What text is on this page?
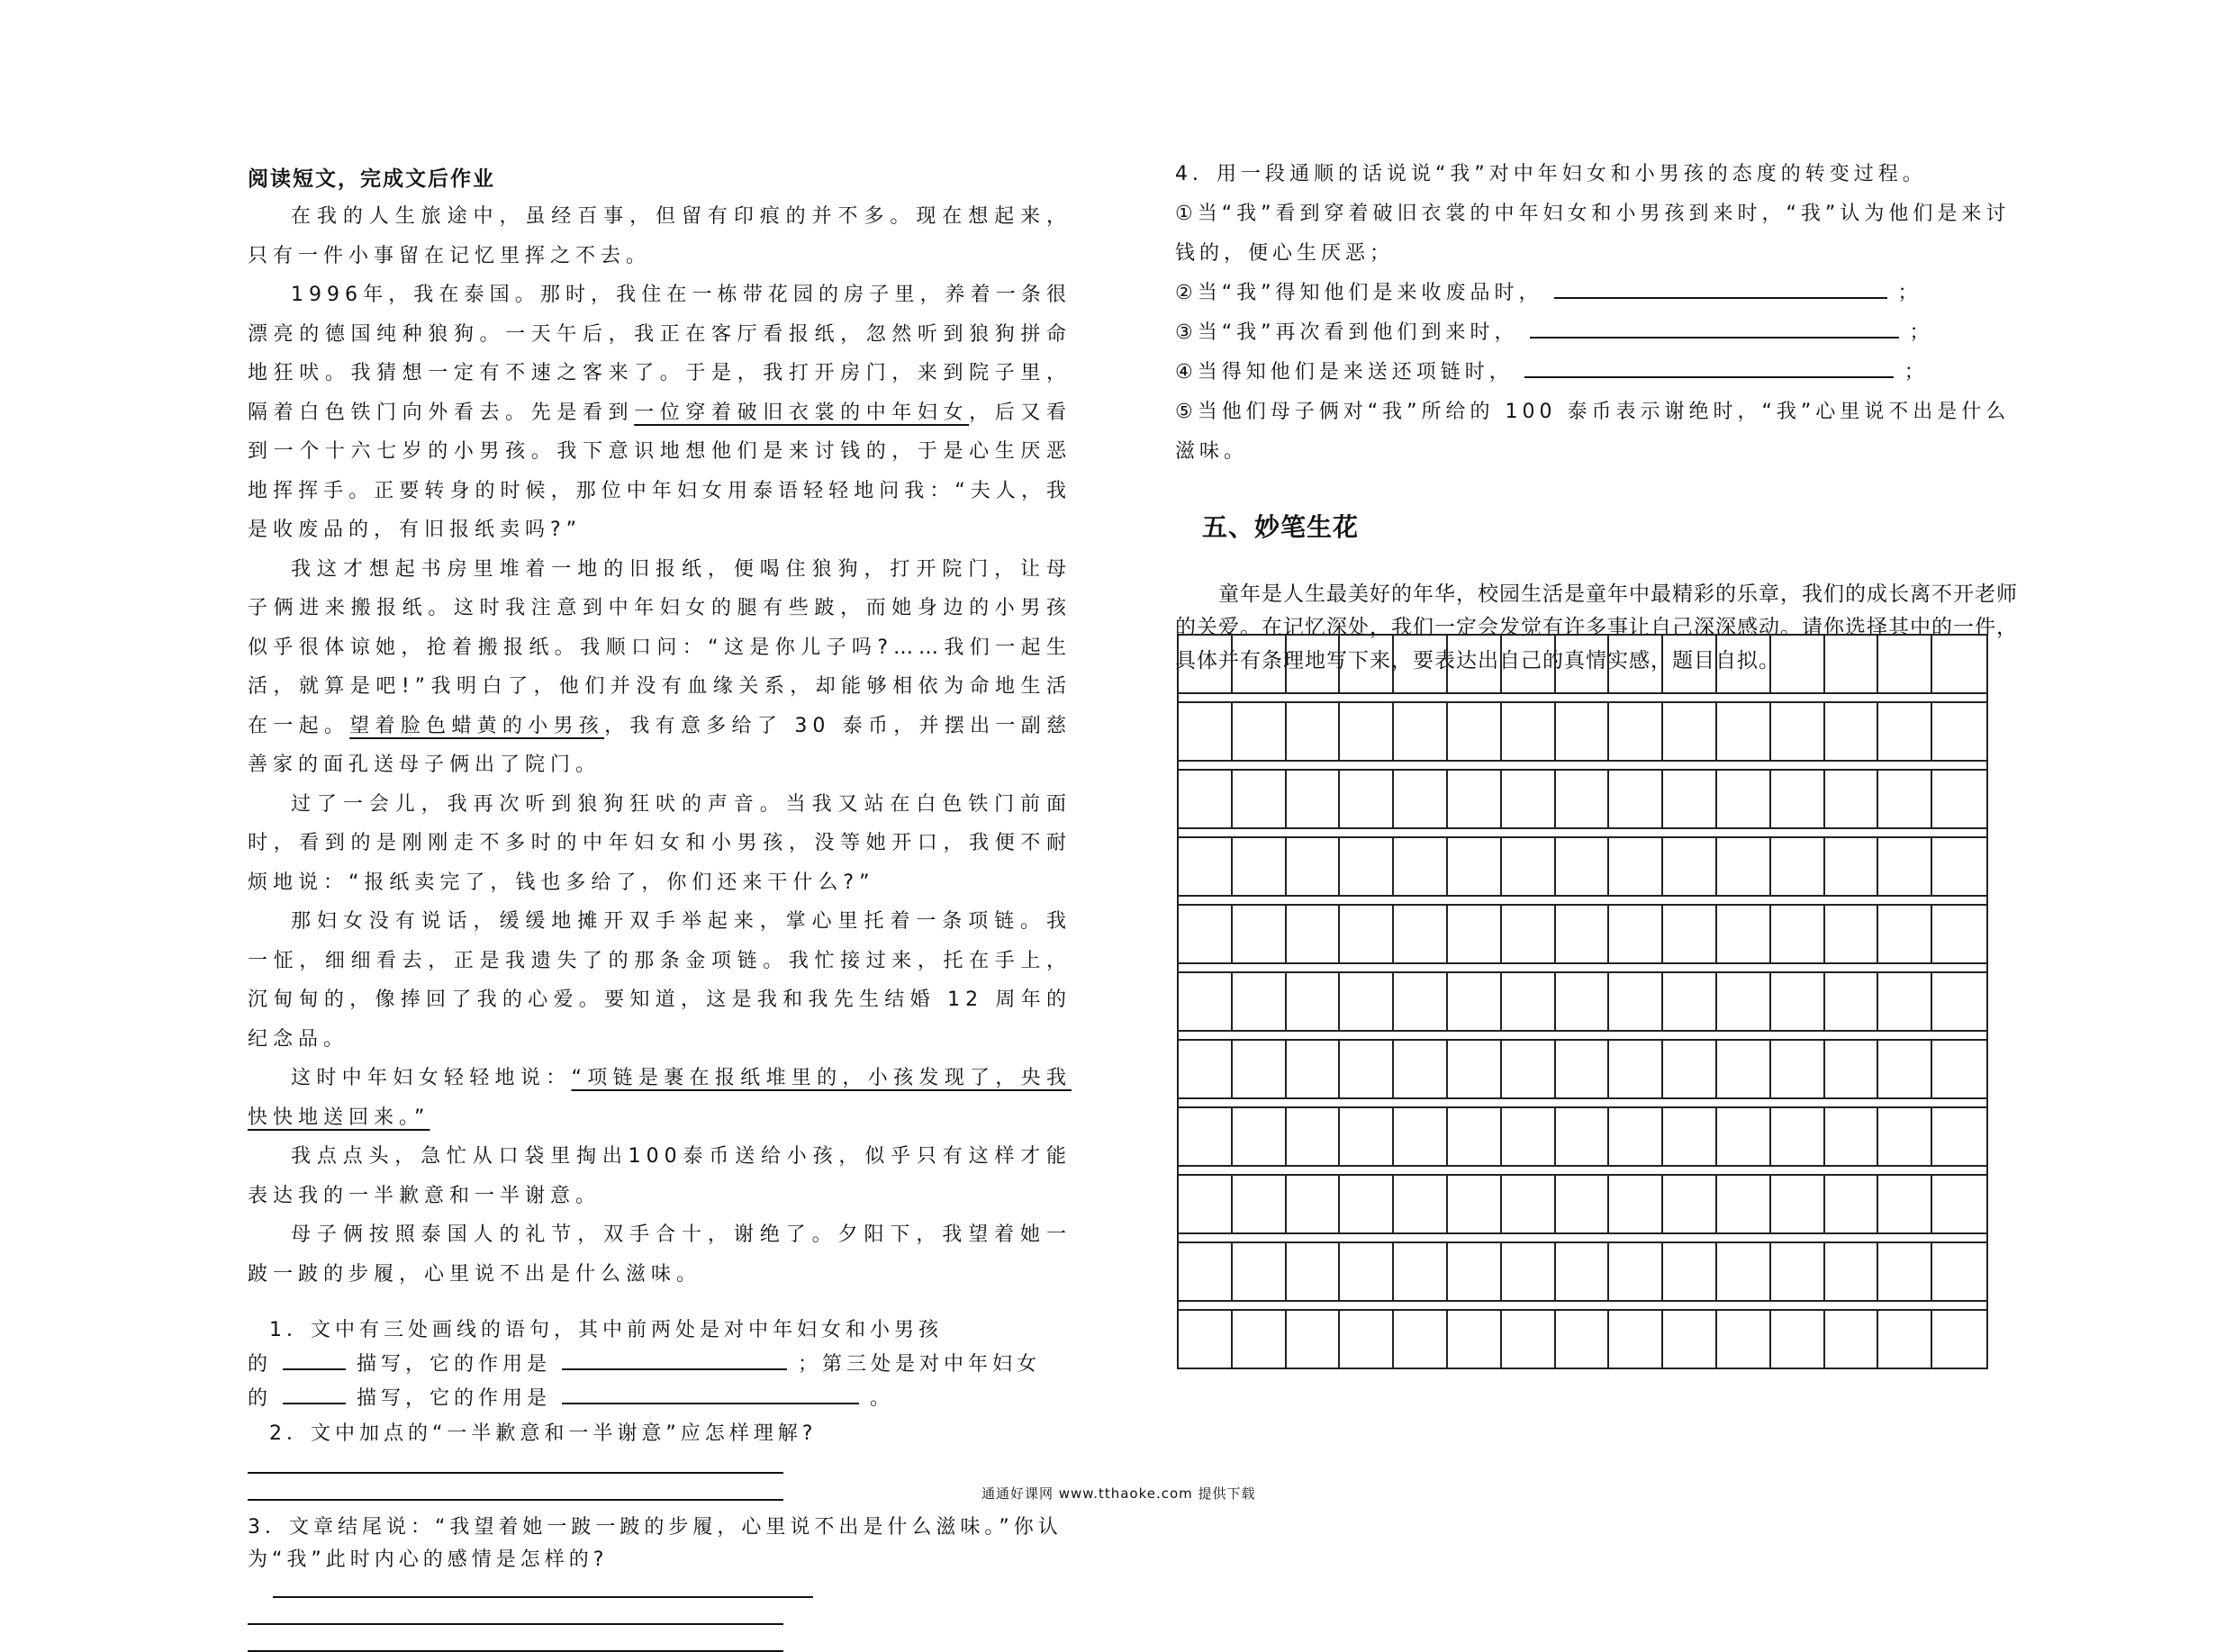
阅读短文，完成文后作业

在我的人生旅途中，虽经百事，但留有印痕的并不多。现在想起来，只有一件小事留在记忆里挥之不去。

1996年，我在泰国。那时，我住在一栋带花园的房子里，养着一条很漂亮的德国纯种狼狗。一天午后，我正在客厅看报纸，忽然听到狼狗拼命地狂吠。我猜想一定有不速之客来了。于是，我打开房门，来到院子里，隔着白色铁门向外看去。先是看到一位穿着破旧衣裳的中年妇女，后又看到一个十六七岁的小男孩。我下意识地想他们是来讨钱的，于是心生厌恶地挥挥手。正要转身的时候，那位中年妇女用泰语轻轻地问我：“夫人，我是收废品的，有旧报纸卖吗?”

我这才想起书房里堆着一地的旧报纸，便喝住狼狗，打开院门，让母子俩进来搬报纸。这时我注意到中年妇女的腿有些跛，而她身边的小男孩似乎很体谅她，抢着搬报纸。我顺口问：“这是你儿子吗?……我们一起生活，就算是吧!”我明白了，他们并没有血缘关系，却能够相依为命地生活在一起。望着脸色蜡黄的小男孩，我有意多给了 30 泰币，并摆出一副慈善家的面孔送母子俩出了院门。

过了一会儿，我再次听到狼狗狂吠的声音。当我又站在白色铁门前面时，看到的是刚刚走不多时的中年妇女和小男孩，没等她开口，我便不耐烦地说：“报纸卖完了，钱也多给了，你们还来干什么?”

那妇女没有说话，缓缓地摊开双手举起来，掌心里托着一条项链。我一怔，细细看去，正是我遗失了的那条金项链。我忙接过来，托在手上，沉甸甸的，像捧回了我的心爱。要知道，这是我和我先生结婚 12 周年的纪念品。

这时中年妇女轻轻地说：“项链是裹在报纸堆里的，小孩发现了，央我快快地送回来。”

我点点头，急忙从口袋里掏出100泰币送给小孩，似乎只有这样才能表达我的一半歉意和一半谢意。

母子俩按照泰国人的礼节，双手合十，谢绝了。夕阳下，我望着她一跛一跛的步履，心里说不出是什么滋味。

1．文中有三处画线的语句，其中前两处是对中年妇女和小男孩
的	描写，它的作用是	；第三处是对中年妇女
的	描写，它的作用是	。
2．文中加点的“一半歉意和一半谢意”应怎样理解?
3．文章结尾说：“我望着她一跛一跛的步履，心里说不出是什么滋味。”你认为“我”此时内心的感情是怎样的?
4．用一段通顺的话说说“我”对中年妇女和小男孩的态度的转变过程。
①当“我”看到穿着破旧衣裳的中年妇女和小男孩到来时，“我”认为他们是来讨钱的，便心生厌恶；
②当“我”得知他们是来收废品时，	；
③当“我”再次看到他们到来时，	；
④当得知他们是来送还项链时，	；
⑤当他们母子俩对“我”所给的 100 泰币表示谢绝时，“我”心里说不出是什么滋味。
五、妙笔生花

童年是人生最美好的年华，校园生活是童年中最精彩的乐章，我们的成长离不开老师的关爱。在记忆深处，我们一定会发觉有许多事让自己深深感动。请你选择其中的一件，具体并有条理地写下来，要表达出自己的真情实感，题目自拟。

通通好课网 www.tthaoke.com 提供下载
